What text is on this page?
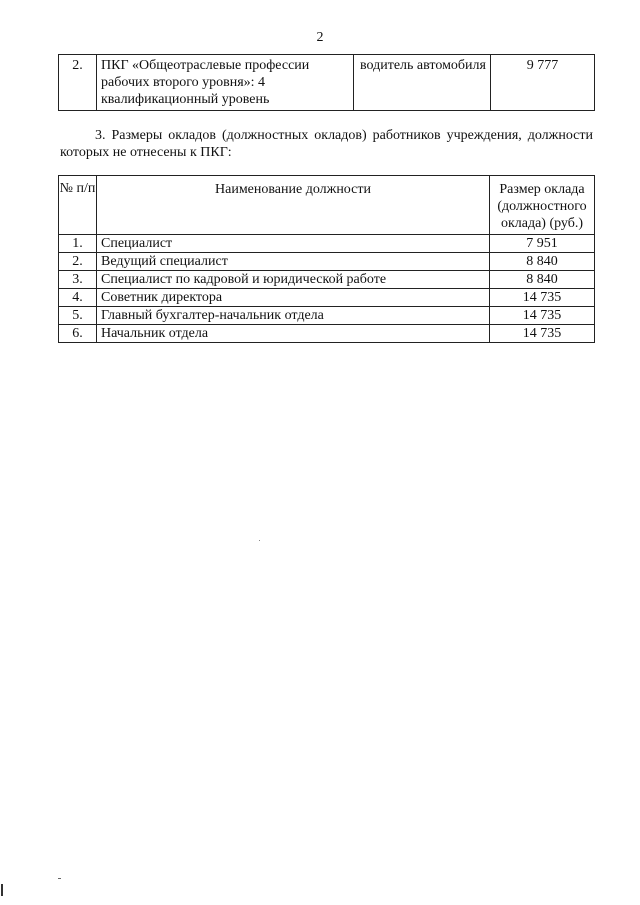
2
2.	ПКГ «Общеотраслевые профессии рабочих второго уровня»: 4 квалификационный уровень	водитель автомобиля	9 777
3. Размеры окладов (должностных окладов) работников учреждения, должности которых не отнесены к ПКГ:
№ п/п	Наименование должности	Размер оклада (должностного оклада) (руб.)
1.	Специалист	7 951
2.	Ведущий специалист	8 840
3.	Специалист по кадровой и юридической работе	8 840
4.	Советник директора	14 735
5.	Главный бухгалтер-начальник отдела	14 735
6.	Начальник отдела	14 735
